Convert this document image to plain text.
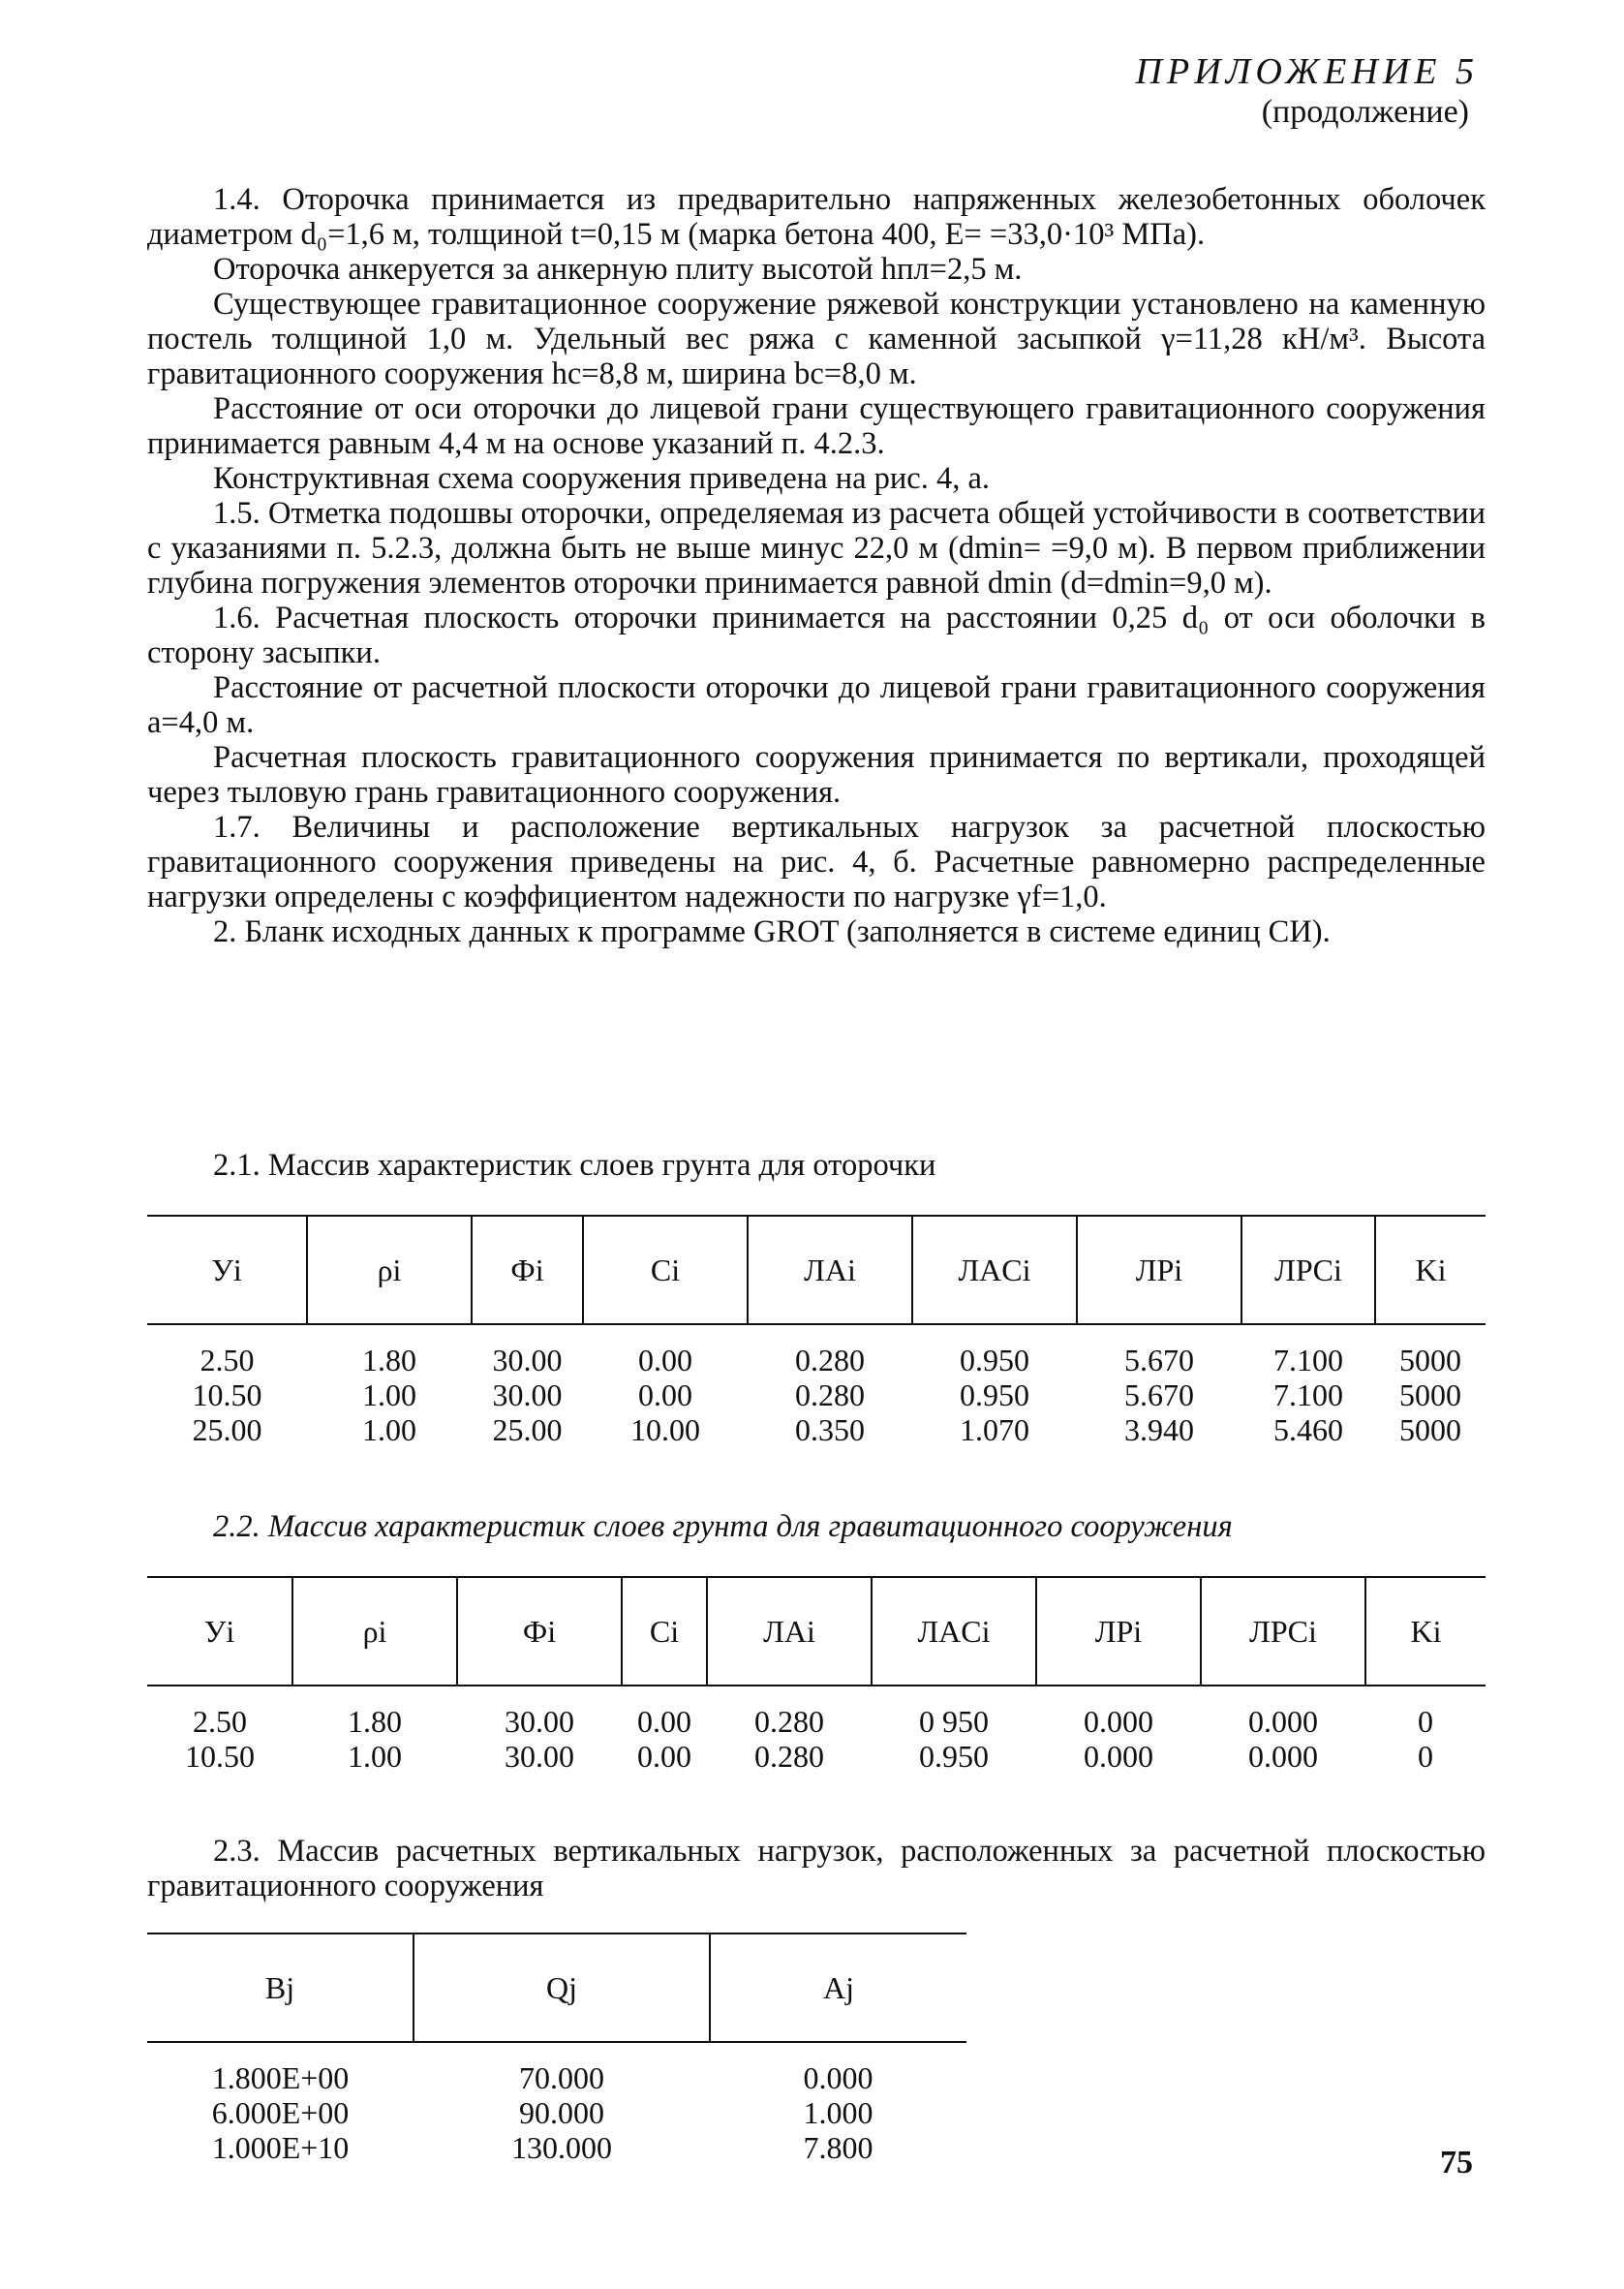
ПРИЛОЖЕНИЕ 5
(продолжение)

1.4. Оторочка принимается из предварительно напряженных железобетонных оболочек диаметром d₀=1,6 м, толщиной t=0,15 м (марка бетона 400, E= =33,0·10³ МПа).

Оторочка анкеруется за анкерную плиту высотой hпл=2,5 м.

Существующее гравитационное сооружение ряжевой конструкции установлено на каменную постель толщиной 1,0 м. Удельный вес ряжа с каменной засыпкой γ=11,28 кН/м³. Высота гравитационного сооружения hс=8,8 м, ширина bс=8,0 м.

Расстояние от оси оторочки до лицевой грани существующего гравитационного сооружения принимается равным 4,4 м на основе указаний п. 4.2.3.

Конструктивная схема сооружения приведена на рис. 4, а.

1.5. Отметка подошвы оторочки, определяемая из расчета общей устойчивости в соответствии с указаниями п. 5.2.3, должна быть не выше минус 22,0 м (dmin= =9,0 м). В первом приближении глубина погружения элементов оторочки принимается равной dmin (d=dmin=9,0 м).

1.6. Расчетная плоскость оторочки принимается на расстоянии 0,25 d₀ от оси оболочки в сторону засыпки.

Расстояние от расчетной плоскости оторочки до лицевой грани гравитационного сооружения a=4,0 м.

Расчетная плоскость гравитационного сооружения принимается по вертикали, проходящей через тыловую грань гравитационного сооружения.

1.7. Величины и расположение вертикальных нагрузок за расчетной плоскостью гравитационного сооружения приведены на рис. 4, б. Расчетные равномерно распределенные нагрузки определены с коэффициентом надежности по нагрузке γf=1,0.

2. Бланк исходных данных к программе GROT (заполняется в системе единиц СИ).

2.1. Массив характеристик слоев грунта для оторочки
Уi	ρi	Фi	Ci	ЛAi	ЛACi	ЛPi	ЛPCi	Ki
2.50	1.80	30.00	0.00	0.280	0.950	5.670	7.100	5000
10.50	1.00	30.00	0.00	0.280	0.950	5.670	7.100	5000
25.00	1.00	25.00	10.00	0.350	1.070	3.940	5.460	5000
2.2. Массив характеристик слоев грунта для гравитационного сооружения
Уi	ρi	Фi	Ci	ЛAi	ЛACi	ЛPi	ЛPCi	Ki
2.50	1.80	30.00	0.00	0.280	0 950	0.000	0.000	0
10.50	1.00	30.00	0.00	0.280	0.950	0.000	0.000	0
2.3. Массив расчетных вертикальных нагрузок, расположенных за расчетной плоскостью гравитационного сооружения
Bj	Qj	Aj
1.800E+00	70.000	0.000
6.000E+00	90.000	1.000
1.000E+10	130.000	7.800	75
